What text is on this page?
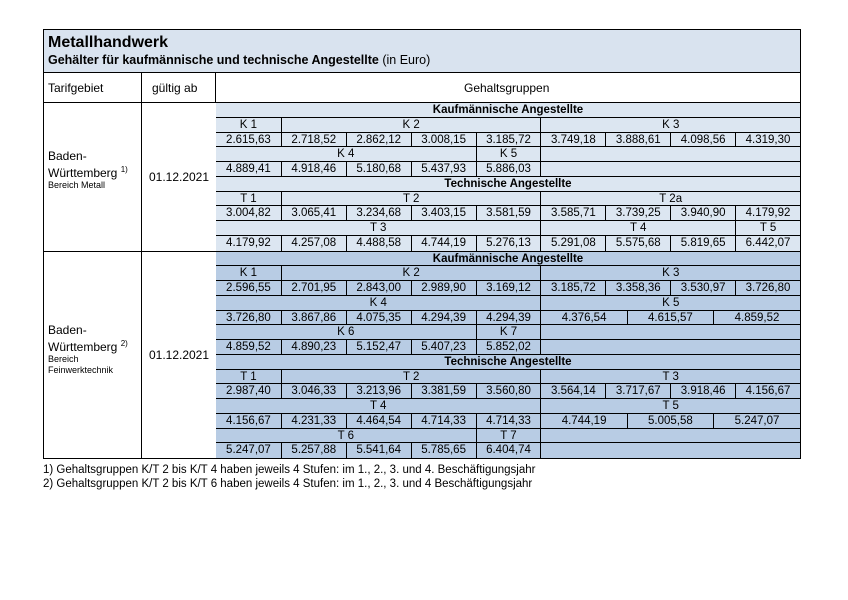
Metallhandwerk
Gehälter für kaufmännische und technische Angestellte (in Euro)
Tarifgebiet	gültig ab	Gehaltsgruppen
Baden-
Württemberg $^{1)}$
Bereich Metall
01.12.2021
Kaufmännische Angestellte
K 1	K 2	K 3
2.615,63	2.718,52	2.862,12	3.008,15	3.185,72	3.749,18	3.888,61	4.098,56	4.319,30
K 4	K 5
4.889,41	4.918,46	5.180,68	5.437,93	5.886,03
Technische Angestellte
T 1	T 2	T 2a
3.004,82	3.065,41	3.234,68	3.403,15	3.581,59	3.585,71	3.739,25	3.940,90	4.179,92
T 3	T 4	T 5
4.179,92	4.257,08	4.488,58	4.744,19	5.276,13	5.291,08	5.575,68	5.819,65	6.442,07
Baden-
Württemberg $^{2)}$
Bereich
Feinwerktechnik
01.12.2021
Kaufmännische Angestellte
K 1	K 2	K 3
2.596,55	2.701,95	2.843,00	2.989,90	3.169,12	3.185,72	3.358,36	3.530,97	3.726,80
K 4	K 5
3.726,80	3.867,86	4.075,35	4.294,39	4.294,39	4.376,54	4.615,57	4.859,52
K 6	K 7
4.859,52	4.890,23	5.152,47	5.407,23	5.852,02
Technische Angestellte
T 1	T 2	T 3
2.987,40	3.046,33	3.213,96	3.381,59	3.560,80	3.564,14	3.717,67	3.918,46	4.156,67
T 4	T 5
4.156,67	4.231,33	4.464,54	4.714,33	4.714,33	4.744,19	5.005,58	5.247,07
T 6	T 7
5.247,07	5.257,88	5.541,64	5.785,65	6.404,74
1) Gehaltsgruppen K/T 2 bis K/T 4 haben jeweils 4 Stufen: im 1., 2., 3. und 4. Beschäftigungsjahr
2) Gehaltsgruppen K/T 2 bis K/T 6 haben jeweils 4 Stufen: im 1., 2., 3. und 4 Beschäftigungsjahr
